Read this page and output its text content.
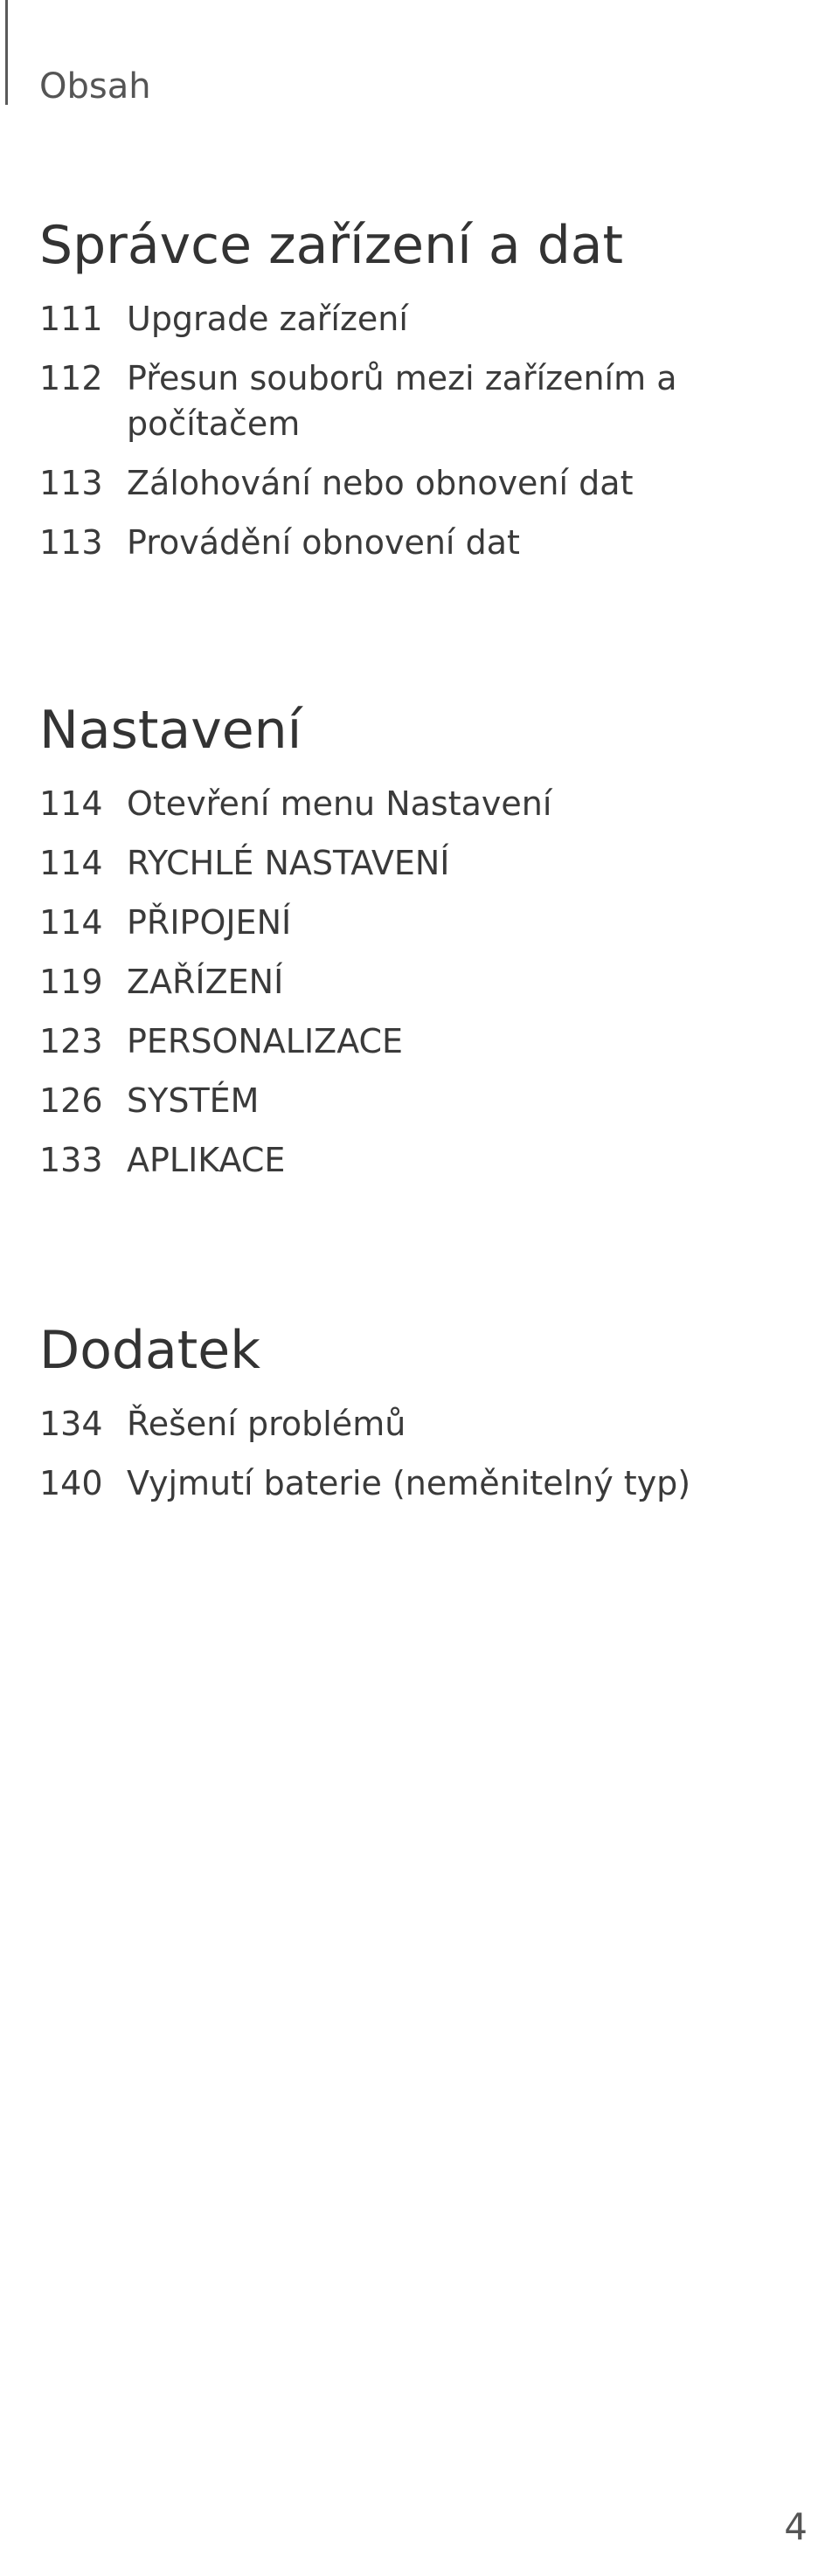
Obsah
Správce zařízení a dat
111 Upgrade zařízení
112 Přesun souborů mezi zařízením a počítačem
113 Zálohování nebo obnovení dat
113 Provádění obnovení dat
Nastavení
114 Otevření menu Nastavení
114 RYCHLÉ NASTAVENÍ
114 PŘIPOJENÍ
119 ZAŘÍZENÍ
123 PERSONALIZACE
126 SYSTÉM
133 APLIKACE
Dodatek
134 Řešení problémů
140 Vyjmutí baterie (neměnitelný typ)
4
